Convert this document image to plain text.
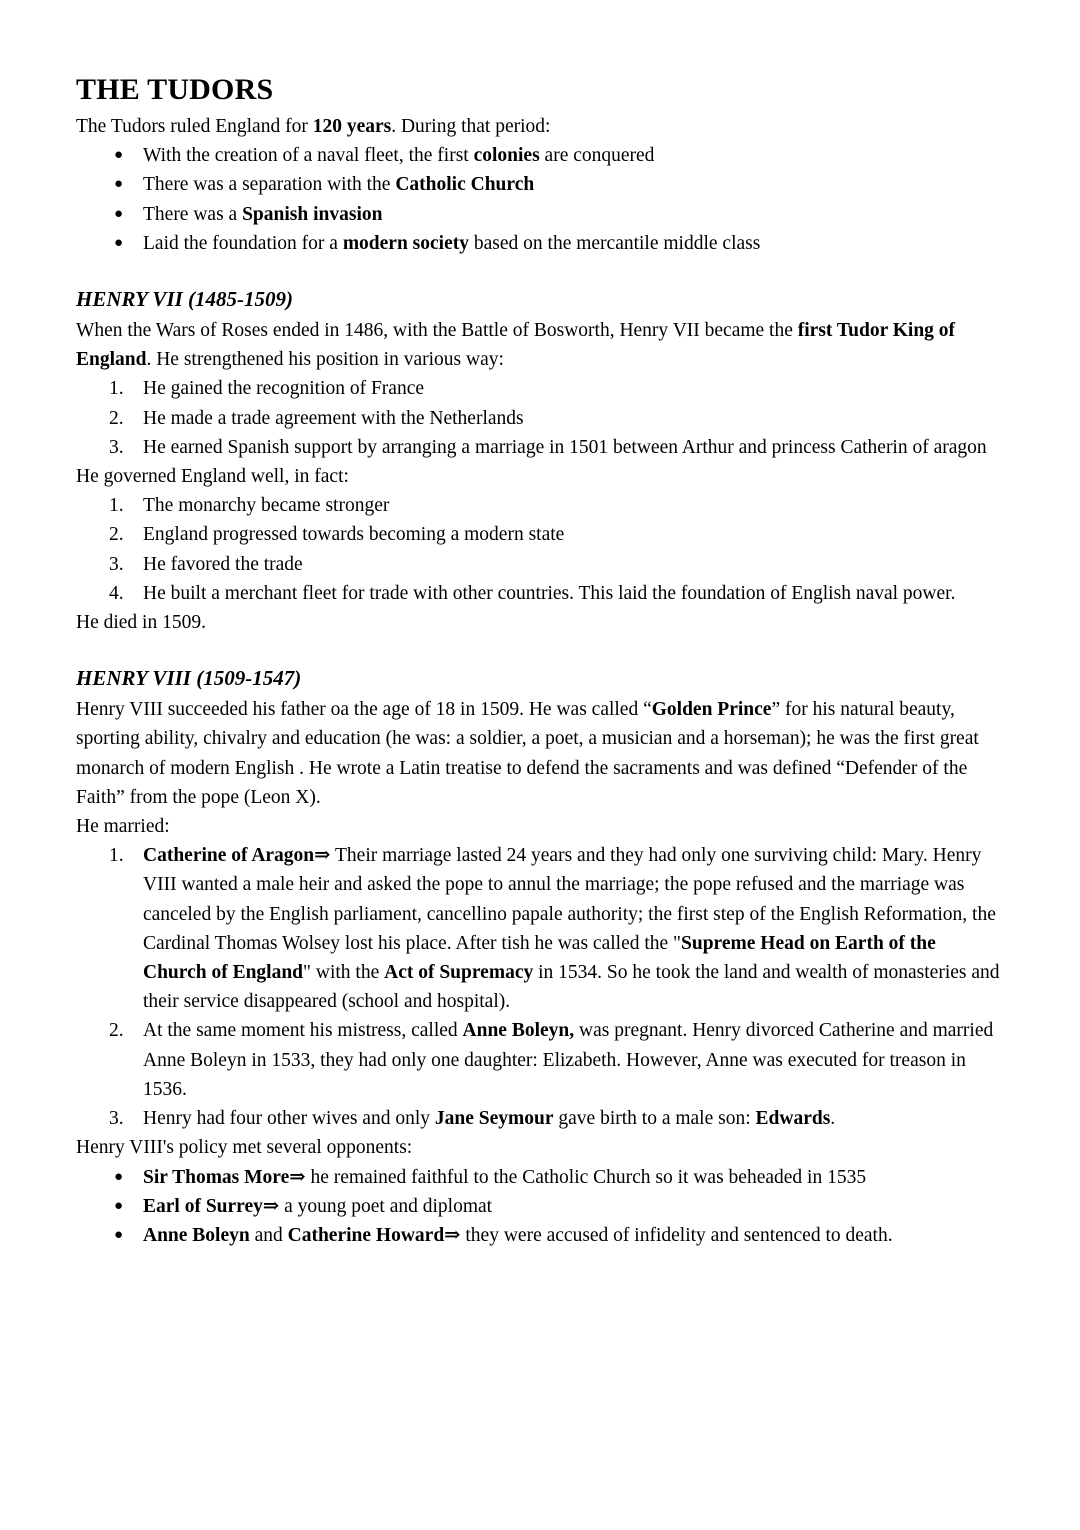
THE TUDORS

The Tudors ruled England for 120 years. During that period:

●	With the creation of a naval fleet, the first colonies are conquered
●	There was a separation with the Catholic Church
●	There was a Spanish invasion
●	Laid the foundation for a modern society based on the mercantile middle class
HENRY VII (1485-1509)

When the Wars of Roses ended in 1486, with the Battle of Bosworth, Henry VII became the first Tudor King of England. He strengthened his position in various way:

1. He gained the recognition of France
2. He made a trade agreement with the Netherlands
3. He earned Spanish support by arranging a marriage in 1501 between Arthur and princess Catherin of aragon

He governed England well, in fact:

1. The monarchy became stronger
2. England progressed towards becoming a modern state
3. He favored the trade
4. He built a merchant fleet for trade with other countries. This laid the foundation of English naval power.

He died in 1509.

HENRY VIII (1509-1547)

Henry VIII succeeded his father oa the age of 18 in 1509. He was called “Golden Prince” for his natural beauty, sporting ability, chivalry and education (he was: a soldier, a poet, a musician and a horseman); he was the first great monarch of modern English . He wrote a Latin treatise to defend the sacraments and was defined “Defender of the Faith” from the pope (Leon X).

He married:

1. Catherine of Aragon⇒ Their marriage lasted 24 years and they had only one surviving child: Mary. Henry VIII wanted a male heir and asked the pope to annul the marriage; the pope refused and the marriage was canceled by the English parliament, cancellino papale authority; the first step of the English Reformation, the Cardinal Thomas Wolsey lost his place. After tish he was called the "Supreme Head on Earth of the Church of England" with the Act of Supremacy in 1534. So he took the land and wealth of monasteries and their service disappeared (school and hospital).
2. At the same moment his mistress, called Anne Boleyn, was pregnant. Henry divorced Catherine and married Anne Boleyn in 1533, they had only one daughter: Elizabeth. However, Anne was executed for treason in 1536.
3. Henry had four other wives and only Jane Seymour gave birth to a male son: Edwards.

Henry VIII's policy met several opponents:

●	Sir Thomas More⇒ he remained faithful to the Catholic Church so it was beheaded in 1535
●	Earl of Surrey⇒ a young poet and diplomat
●	Anne Boleyn and Catherine Howard⇒ they were accused of infidelity and sentenced to death.
